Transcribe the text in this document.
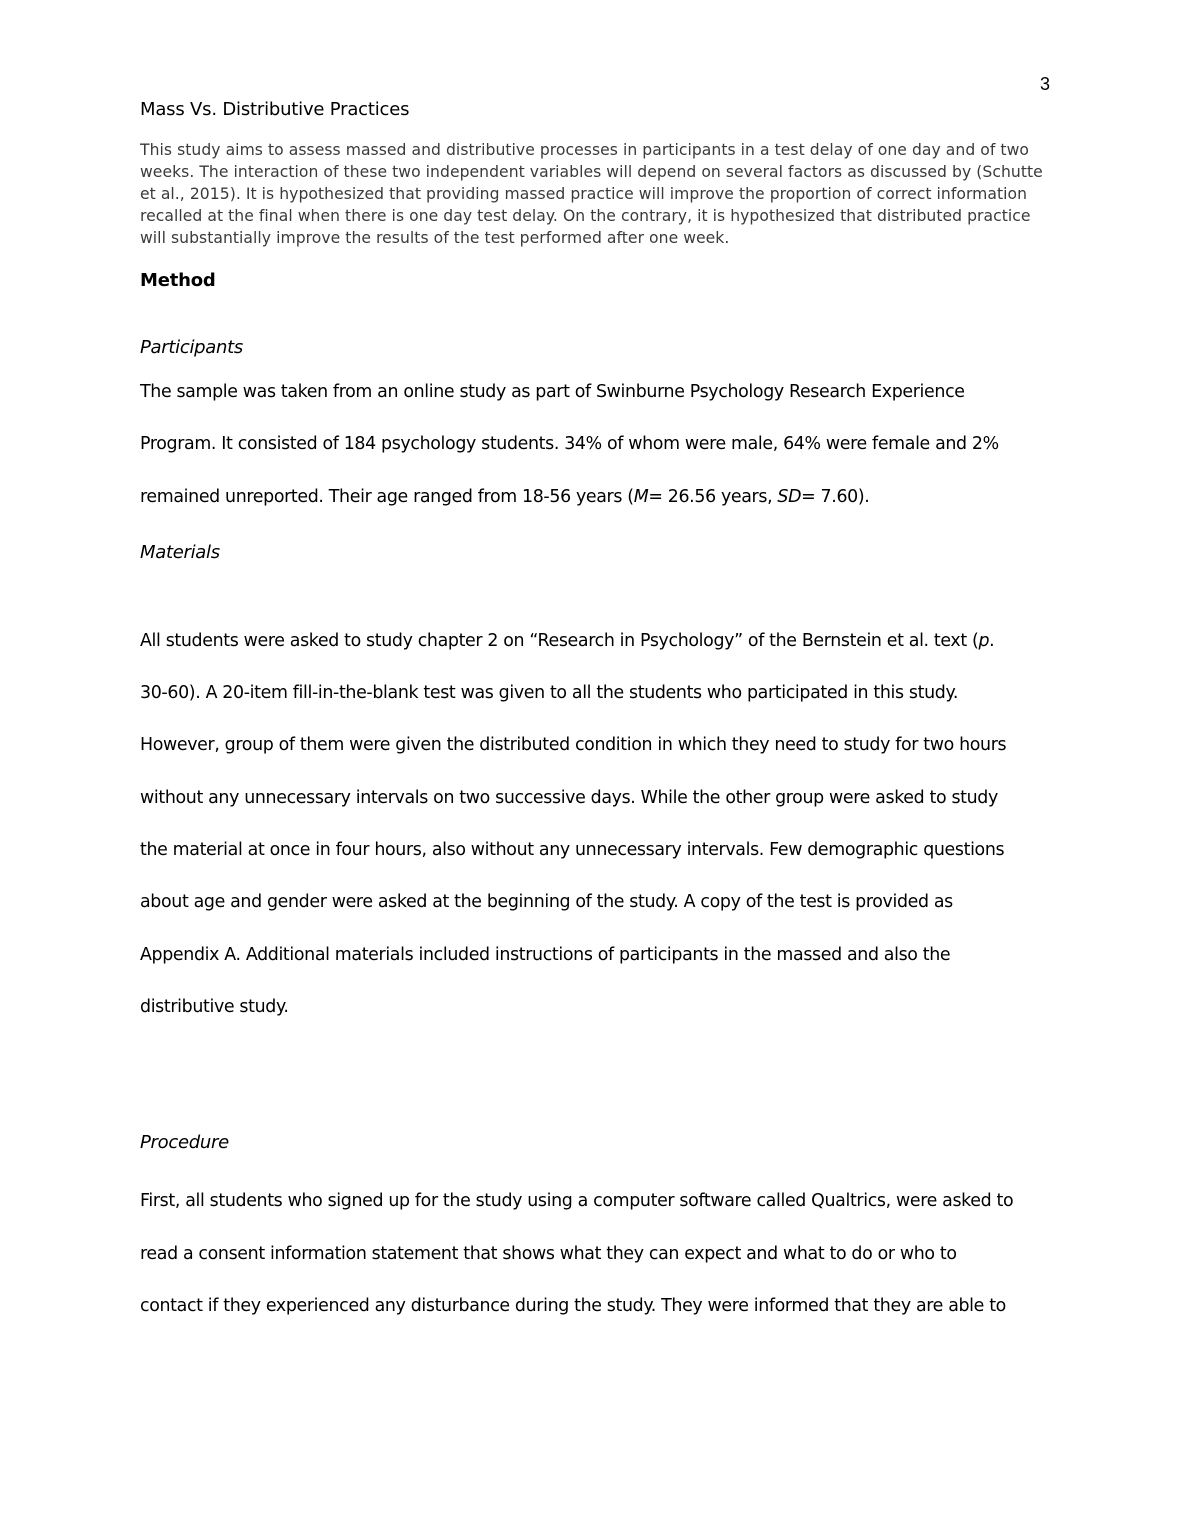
3

Mass Vs. Distributive Practices

This study aims to assess massed and distributive processes in participants in a test delay of one day and of two weeks. The interaction of these two independent variables will depend on several factors as discussed by (Schutte et al., 2015). It is hypothesized that providing massed practice will improve the proportion of correct information recalled at the final when there is one day test delay. On the contrary, it is hypothesized that distributed practice will substantially improve the results of the test performed after one week.

Method

Participants

The sample was taken from an online study as part of Swinburne Psychology Research Experience

Program. It consisted of 184 psychology students. 34% of whom were male, 64% were female and 2%

remained unreported. Their age ranged from 18-56 years (M= 26.56 years, SD= 7.60).

Materials

All students were asked to study chapter 2 on “Research in Psychology” of the Bernstein et al. text (p.

30-60). A 20-item fill-in-the-blank test was given to all the students who participated in this study.

However, group of them were given the distributed condition in which they need to study for two hours

without any unnecessary intervals on two successive days. While the other group were asked to study

the material at once in four hours, also without any unnecessary intervals. Few demographic questions

about age and gender were asked at the beginning of the study. A copy of the test is provided as

Appendix A. Additional materials included instructions of participants in the massed and also the

distributive study.

Procedure

First, all students who signed up for the study using a computer software called Qualtrics, were asked to

read a consent information statement that shows what they can expect and what to do or who to

contact if they experienced any disturbance during the study. They were informed that they are able to
